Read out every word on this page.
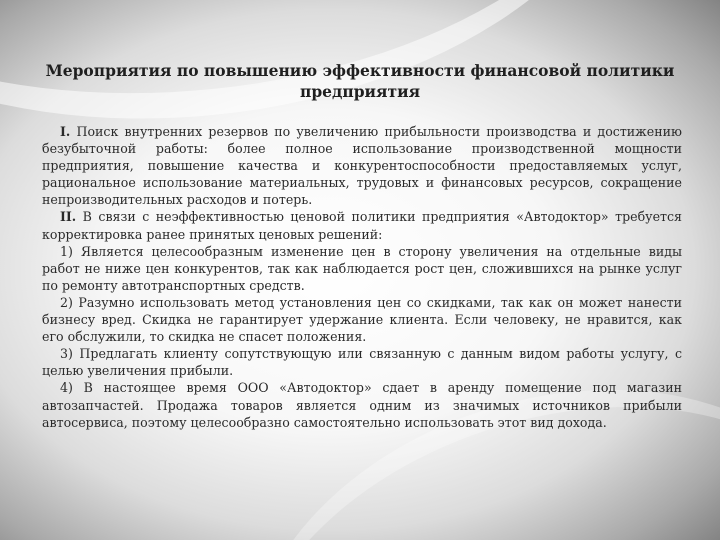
Мероприятия по повышению эффективности финансовой политики предприятия

I. Поиск внутренних резервов по увеличению прибыльности производства и достижению безубыточной работы: более полное использование производственной мощности предприятия, повышение качества и конкурентоспособности предоставляемых услуг, рациональное использование материальных, трудовых и финансовых ресурсов, сокращение непроизводительных расходов и потерь.

II. В связи с неэффективностью ценовой политики предприятия «Автодоктор» требуется корректировка ранее принятых ценовых решений:

1) Является целесообразным изменение цен в сторону увеличения на отдельные виды работ не ниже цен конкурентов, так как наблюдается рост цен, сложившихся на рынке услуг по ремонту автотранспортных средств.

2) Разумно использовать метод установления цен со скидками, так как он может нанести бизнесу вред. Скидка не гарантирует удержание клиента. Если человеку, не нравится, как его обслужили, то скидка не спасет положения.

3) Предлагать клиенту сопутствующую или связанную с данным видом работы услугу, с целью увеличения прибыли.

4) В настоящее время ООО «Автодоктор» сдает в аренду помещение под магазин автозапчастей. Продажа товаров является одним из значимых источников прибыли автосервиса, поэтому целесообразно самостоятельно использовать этот вид дохода.
